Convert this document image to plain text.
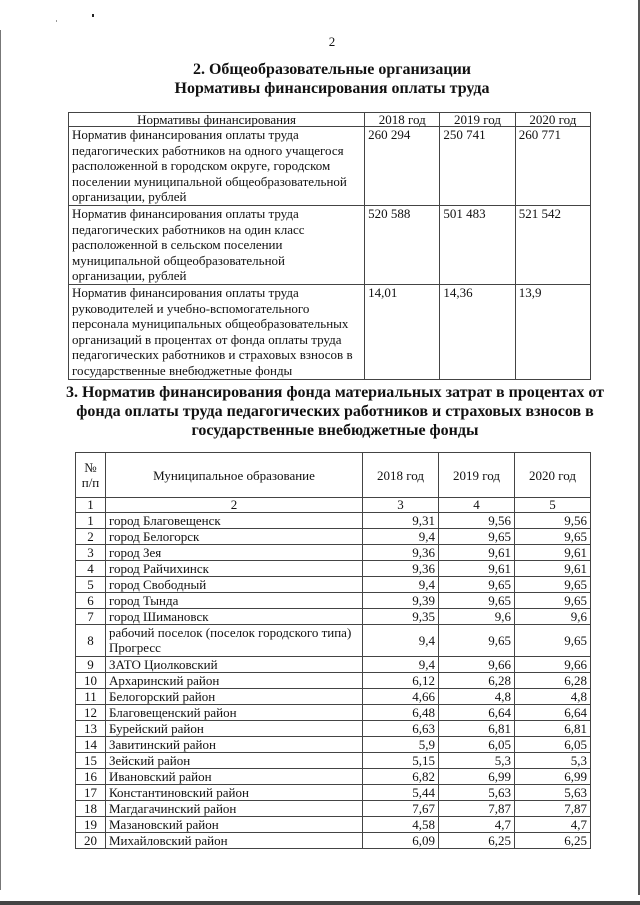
2
2. Общеобразовательные организации
Нормативы финансирования оплаты труда
Нормативы финансирования	2018 год	2019 год	2020 год
Норматив финансирования оплаты труда педагогических работников на одного учащегося расположенной в городском округе, городском поселении муниципальной общеобразовательной организации, рублей	260 294	250 741	260 771
Норматив финансирования оплаты труда педагогических работников на один класс расположенной в сельском поселении муниципальной общеобразовательной организации, рублей	520 588	501 483	521 542
Норматив финансирования оплаты труда руководителей и учебно-вспомогательного персонала муниципальных общеобразовательных организаций в процентах от фонда оплаты труда педагогических работников и страховых взносов в государственные внебюджетные фонды	14,01	14,36	13,9
3. Норматив финансирования фонда материальных затрат в процентах от фонда оплаты труда педагогических работников и страховых взносов в государственные внебюджетные фонды
№ п/п	Муниципальное образование	2018 год	2019 год	2020 год
1	2	3	4	5
1	город Благовещенск	9,31	9,56	9,56
2	город Белогорск	9,4	9,65	9,65
3	город Зея	9,36	9,61	9,61
4	город Райчихинск	9,36	9,61	9,61
5	город Свободный	9,4	9,65	9,65
6	город Тында	9,39	9,65	9,65
7	город Шимановск	9,35	9,6	9,6
8	рабочий поселок (поселок городского типа) Прогресс	9,4	9,65	9,65
9	ЗАТО Циолковский	9,4	9,66	9,66
10	Архаринский район	6,12	6,28	6,28
11	Белогорский район	4,66	4,8	4,8
12	Благовещенский район	6,48	6,64	6,64
13	Бурейский район	6,63	6,81	6,81
14	Завитинский район	5,9	6,05	6,05
15	Зейский район	5,15	5,3	5,3
16	Ивановский район	6,82	6,99	6,99
17	Константиновский район	5,44	5,63	5,63
18	Магдагачинский район	7,67	7,87	7,87
19	Мазановский район	4,58	4,7	4,7
20	Михайловский район	6,09	6,25	6,25
